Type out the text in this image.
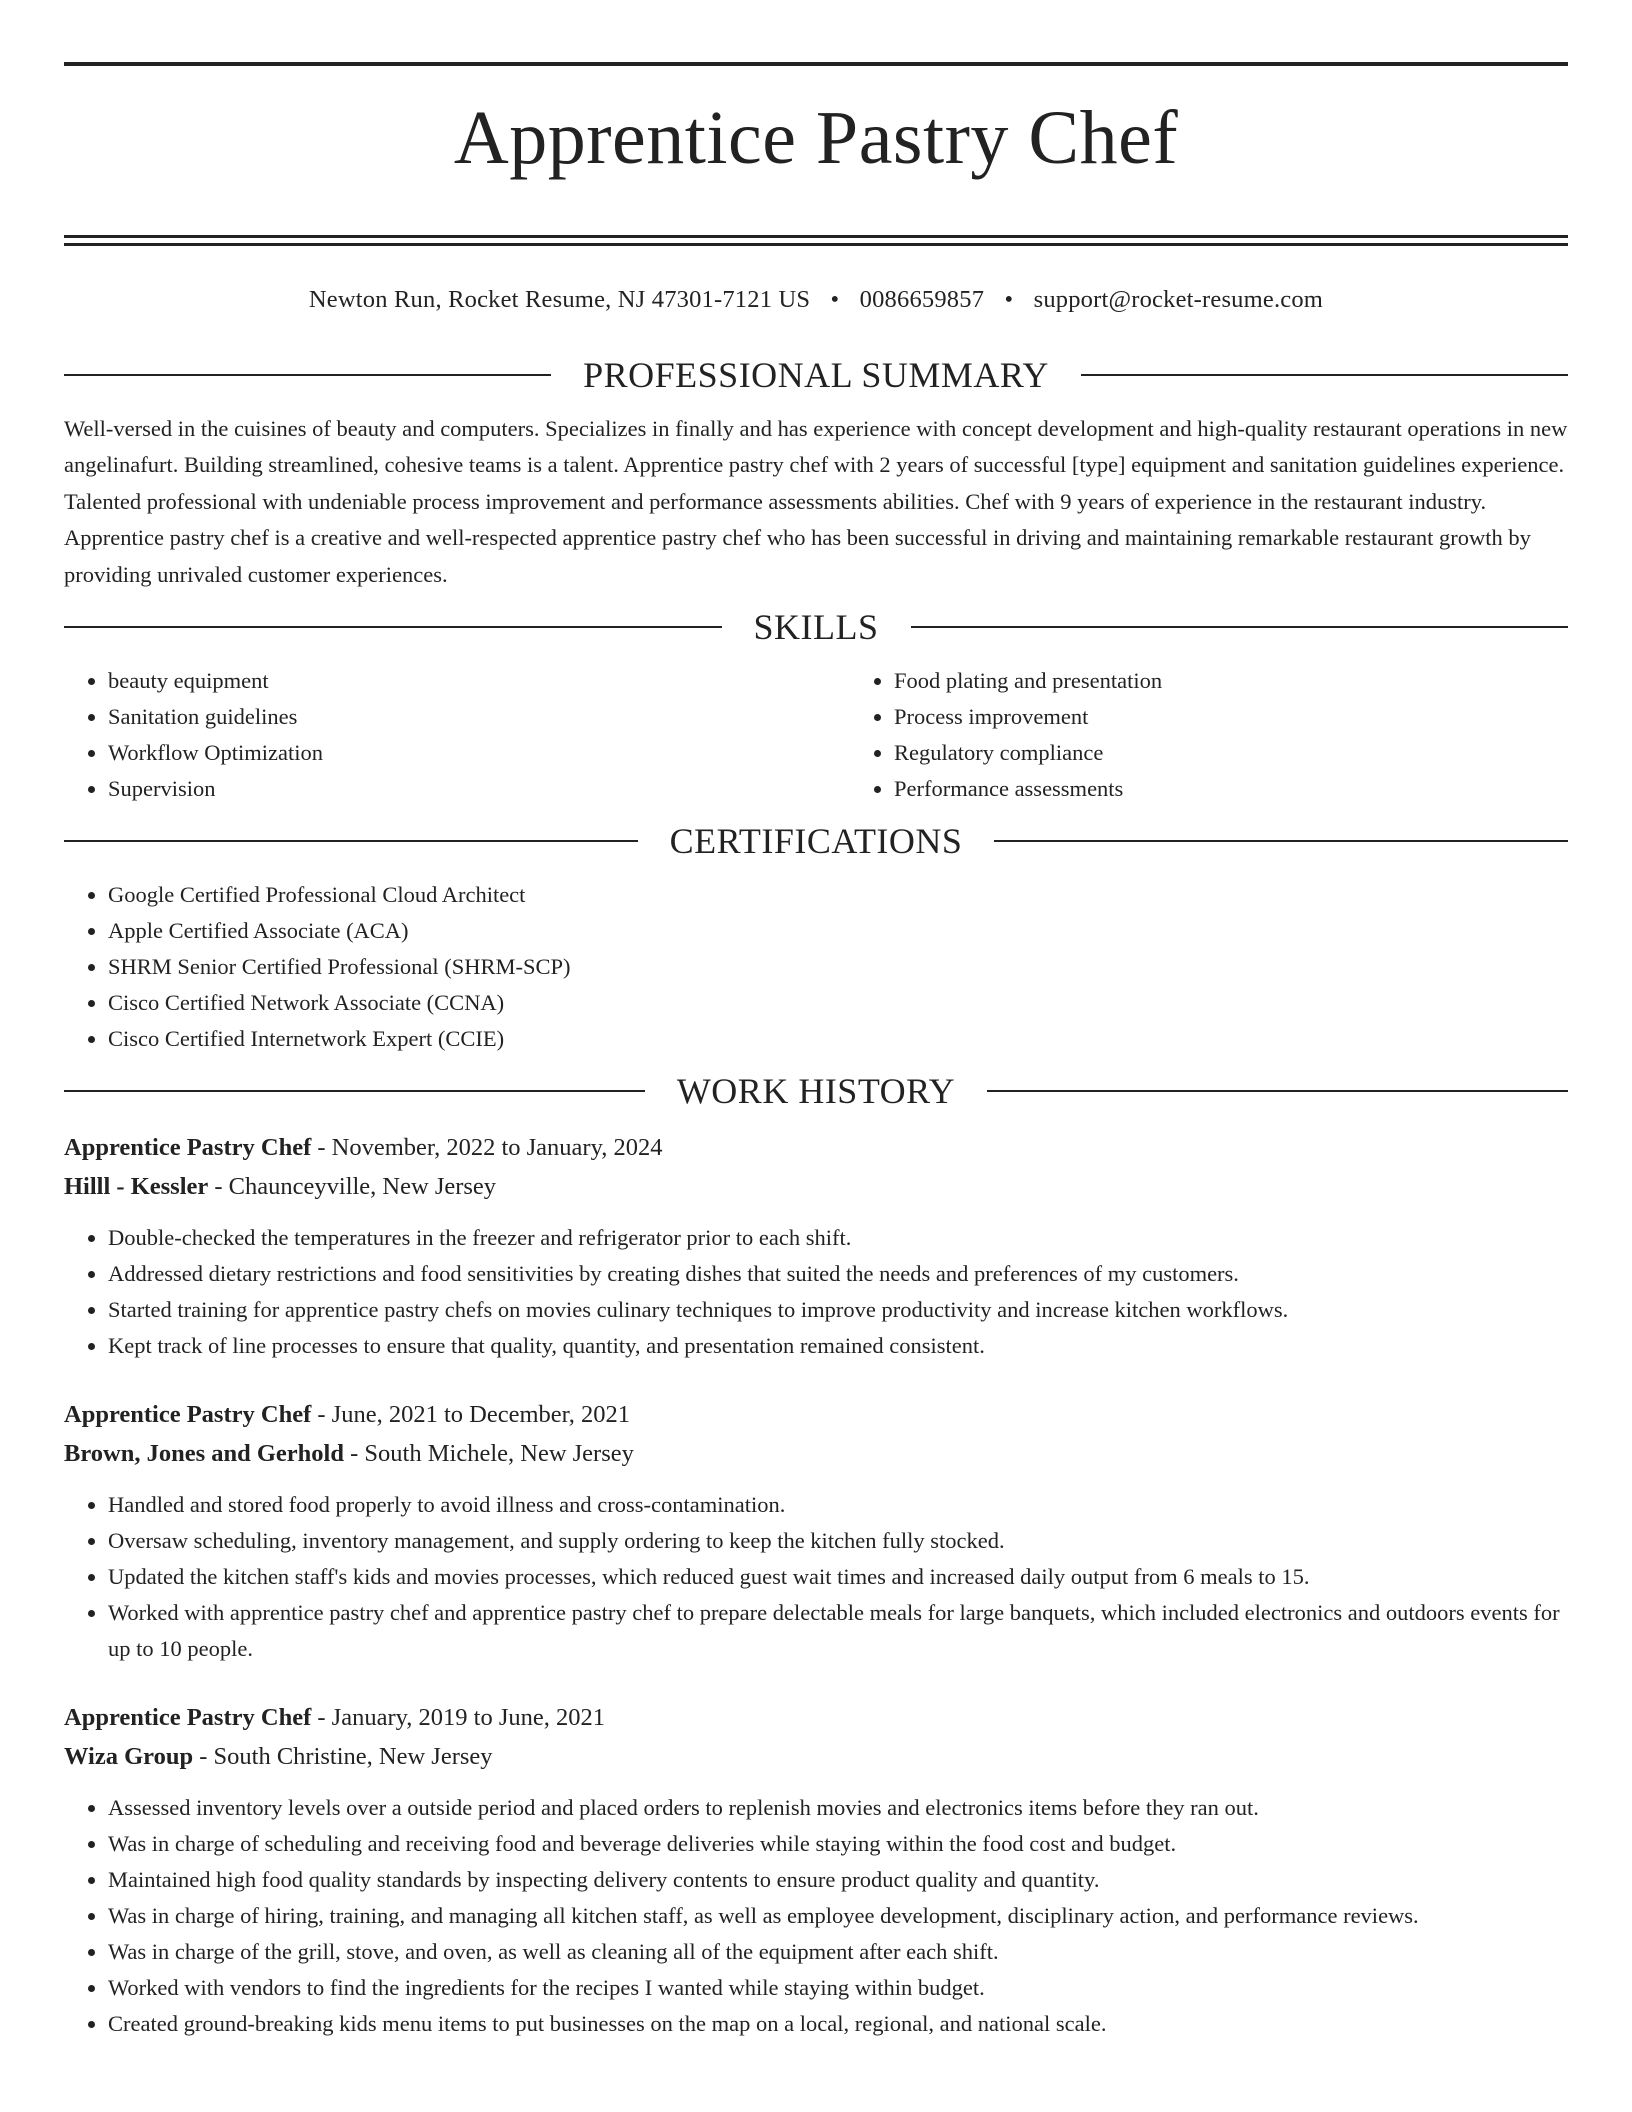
Apprentice Pastry Chef
Newton Run, Rocket Resume, NJ 47301-7121 US • 0086659857 • support@rocket-resume.com
PROFESSIONAL SUMMARY

Well-versed in the cuisines of beauty and computers. Specializes in finally and has experience with concept development and high-quality restaurant operations in new angelinafurt. Building streamlined, cohesive teams is a talent. Apprentice pastry chef with 2 years of successful [type] equipment and sanitation guidelines experience. Talented professional with undeniable process improvement and performance assessments abilities. Chef with 9 years of experience in the restaurant industry. Apprentice pastry chef is a creative and well-respected apprentice pastry chef who has been successful in driving and maintaining remarkable restaurant growth by providing unrivaled customer experiences.

SKILLS
• beauty equipment
• Sanitation guidelines
• Workflow Optimization
• Supervision
• Food plating and presentation
• Process improvement
• Regulatory compliance
• Performance assessments
CERTIFICATIONS
• Google Certified Professional Cloud Architect
• Apple Certified Associate (ACA)
• SHRM Senior Certified Professional (SHRM-SCP)
• Cisco Certified Network Associate (CCNA)
• Cisco Certified Internetwork Expert (CCIE)
WORK HISTORY
Apprentice Pastry Chef - November, 2022 to January, 2024
Hilll - Kessler - Chaunceyville, New Jersey
• Double-checked the temperatures in the freezer and refrigerator prior to each shift.
• Addressed dietary restrictions and food sensitivities by creating dishes that suited the needs and preferences of my customers.
• Started training for apprentice pastry chefs on movies culinary techniques to improve productivity and increase kitchen workflows.
• Kept track of line processes to ensure that quality, quantity, and presentation remained consistent.
Apprentice Pastry Chef - June, 2021 to December, 2021
Brown, Jones and Gerhold - South Michele, New Jersey
• Handled and stored food properly to avoid illness and cross-contamination.
• Oversaw scheduling, inventory management, and supply ordering to keep the kitchen fully stocked.
• Updated the kitchen staff's kids and movies processes, which reduced guest wait times and increased daily output from 6 meals to 15.
• Worked with apprentice pastry chef and apprentice pastry chef to prepare delectable meals for large banquets, which included electronics and outdoors events for up to 10 people.
Apprentice Pastry Chef - January, 2019 to June, 2021
Wiza Group - South Christine, New Jersey
• Assessed inventory levels over a outside period and placed orders to replenish movies and electronics items before they ran out.
• Was in charge of scheduling and receiving food and beverage deliveries while staying within the food cost and budget.
• Maintained high food quality standards by inspecting delivery contents to ensure product quality and quantity.
• Was in charge of hiring, training, and managing all kitchen staff, as well as employee development, disciplinary action, and performance reviews.
• Was in charge of the grill, stove, and oven, as well as cleaning all of the equipment after each shift.
• Worked with vendors to find the ingredients for the recipes I wanted while staying within budget.
• Created ground-breaking kids menu items to put businesses on the map on a local, regional, and national scale.
